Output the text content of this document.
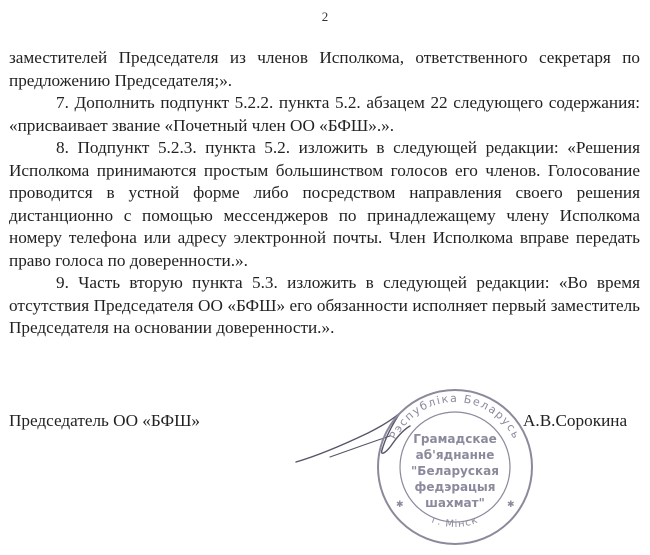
2

заместителей Председателя из членов Исполкома, ответственного секретаря по предложению Председателя;».

7. Дополнить подпункт 5.2.2. пункта 5.2. абзацем 22 следующего содержания: «присваивает звание «Почетный член ОО «БФШ».».

8. Подпункт 5.2.3. пункта 5.2. изложить в следующей редакции: «Решения Исполкома принимаются простым большинством голосов его членов. Голосование проводится в устной форме либо посредством направления своего решения дистанционно с помощью мессенджеров по принадлежащему члену Исполкома номеру телефона или адресу электронной почты. Член Исполкома вправе передать право голоса по доверенности.».

9. Часть вторую пункта 5.3. изложить в следующей редакции: «Во время отсутствия Председателя ОО «БФШ» его обязанности исполняет первый заместитель Председателя на основании доверенности.».

Председатель ОО «БФШ»	А.В.Сорокина
Рэспубліка Беларусь
г. Мінск
✱	✱
Грамадскае
аб'яднанне
"Беларуская
федэрацыя
шахмат"
